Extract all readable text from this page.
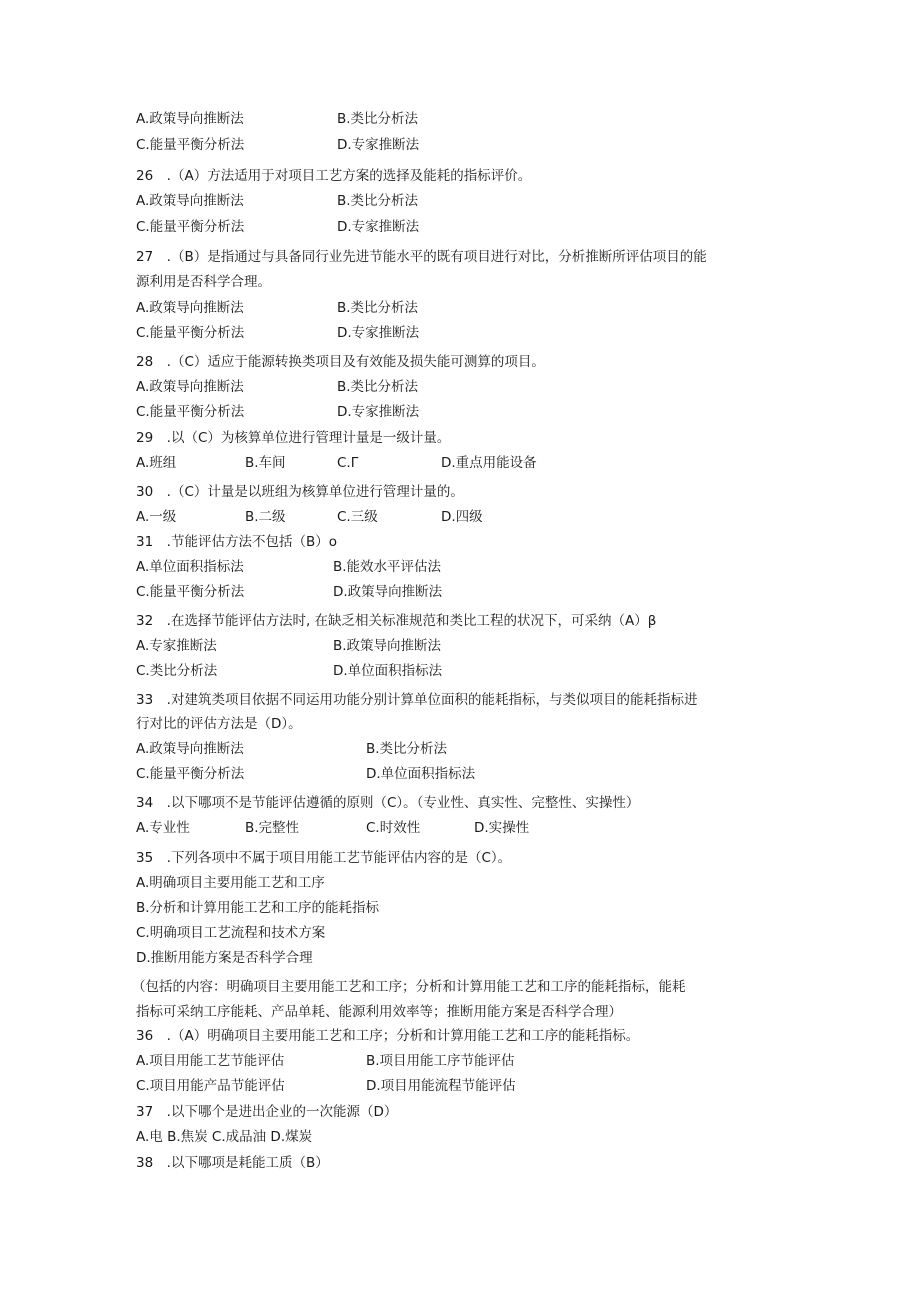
A.政策导向推断法	B.类比分析法
C.能量平衡分析法	D.专家推断法
26　.（A）方法适用于对项目工艺方案的选择及能耗的指标评价。
A.政策导向推断法	B.类比分析法
C.能量平衡分析法	D.专家推断法
27　.（B）是指通过与具备同行业先进节能水平的既有项目进行对比，分析推断所评估项目的能
源利用是否科学合理。
A.政策导向推断法	B.类比分析法
C.能量平衡分析法	D.专家推断法
28　.（C）适应于能源转换类项目及有效能及损失能可测算的项目。
A.政策导向推断法	B.类比分析法
C.能量平衡分析法	D.专家推断法
29　.以（C）为核算单位进行管理计量是一级计量。
A.班组	B.车间	C.Γ	D.重点用能设备
30　.（C）计量是以班组为核算单位进行管理计量的。
A.一级	B.二级	C.三级	D.四级
31　.节能评估方法不包括（B）o
A.单位面积指标法	B.能效水平评估法
C.能量平衡分析法	D.政策导向推断法
32　.在选择节能评估方法时, 在缺乏相关标准规范和类比工程的状况下，可采纳（A）β
A.专家推断法	B.政策导向推断法
C.类比分析法	D.单位面积指标法
33　.对建筑类项目依据不同运用功能分别计算单位面积的能耗指标，与类似项目的能耗指标进
行对比的评估方法是（D）。
A.政策导向推断法	B.类比分析法
C.能量平衡分析法	D.单位面积指标法
34　.以下哪项不是节能评估遵循的原则（C）。（专业性、真实性、完整性、实操性）
A.专业性	B.完整性	C.时效性	D.实操性
35　.下列各项中不属于项目用能工艺节能评估内容的是（C）。
A.明确项目主要用能工艺和工序
B.分析和计算用能工艺和工序的能耗指标
C.明确项目工艺流程和技术方案
D.推断用能方案是否科学合理
（包括的内容：明确项目主要用能工艺和工序；分析和计算用能工艺和工序的能耗指标，能耗
指标可采纳工序能耗、产品单耗、能源利用效率等；推断用能方案是否科学合理）
36　.（A）明确项目主要用能工艺和工序；分析和计算用能工艺和工序的能耗指标。
A.项目用能工艺节能评估	B.项目用能工序节能评估
C.项目用能产品节能评估	D.项目用能流程节能评估
37　.以下哪个是进出企业的一次能源（D）
A.电 B.焦炭 C.成品油 D.煤炭
38　.以下哪项是耗能工质（B）
